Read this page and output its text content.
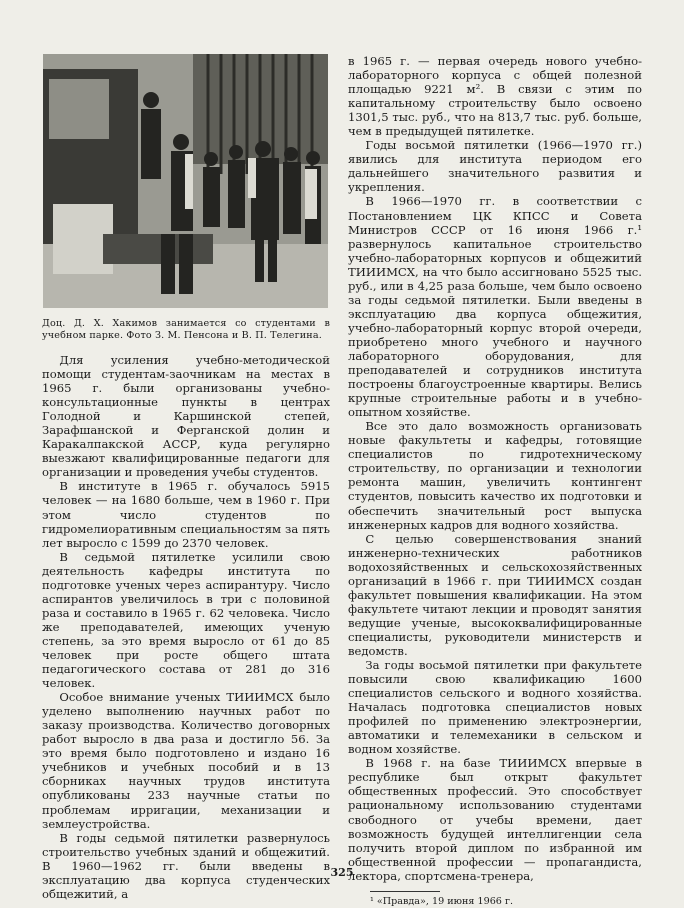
Доц. Д. Х. Хакимов занимается со студентами в учебном парке. Фото З. М. Пенсона и В. П. Телегина.

Для усиления учебно-методической помощи студентам-заочникам на местах в 1965 г. были организованы учебно-консультационные пункты в центрах Голодной и Каршинской степей, Зарафшанской и Ферганской долин и Каракалпакской АССР, куда регулярно выезжают квалифицированные педагоги для организации и проведения учебы студентов.

В институте в 1965 г. обучалось 5915 человек — на 1680 больше, чем в 1960 г. При этом число студентов по гидромелиоративным специальностям за пять лет выросло с 1599 до 2370 человек.

В седьмой пятилетке усилили свою деятельность кафедры института по подготовке ученых через аспирантуру. Число аспирантов увеличилось в три с половиной раза и составило в 1965 г. 62 человека. Число же преподавателей, имеющих ученую степень, за это время выросло от 61 до 85 человек при росте общего штата педагогического состава от 281 до 316 человек.

Особое внимание ученых ТИИИМСХ было уделено выполнению научных работ по заказу производства. Количество договорных работ выросло в два раза и достигло 56. За это время было подготовлено и издано 16 учебников и учебных пособий и в 13 сборниках научных трудов института опубликованы 233 научные статьи по проблемам ирригации, механизации и землеустройства.

В годы седьмой пятилетки развернулось строительство учебных зданий и общежитий. В 1960—1962 гг. были введены в эксплуатацию два корпуса студенческих общежитий, а

в 1965 г. — первая очередь нового учебно-лабораторного корпуса с общей полезной площадью 9221 м². В связи с этим по капитальному строительству было освоено 1301,5 тыс. руб., что на 813,7 тыс. руб. больше, чем в предыдущей пятилетке.

Годы восьмой пятилетки (1966—1970 гг.) явились для института периодом его дальнейшего значительного развития и укрепления.

В 1966—1970 гг. в соответствии с Постановлением ЦК КПСС и Совета Министров СССР от 16 июня 1966 г.¹ развернулось капитальное строительство учебно-лабораторных корпусов и общежитий ТИИИМСХ, на что было ассигновано 5525 тыс. руб., или в 4,25 раза больше, чем было освоено за годы седьмой пятилетки. Были введены в эксплуатацию два корпуса общежития, учебно-лабораторный корпус второй очереди, приобретено много учебного и научного лабораторного оборудования, для преподавателей и сотрудников института построены благоустроенные квартиры. Велись крупные строительные работы и в учебно-опытном хозяйстве.

Все это дало возможность организовать новые факультеты и кафедры, готовящие специалистов по гидротехническому строительству, по организации и технологии ремонта машин, увеличить контингент студентов, повысить качество их подготовки и обеспечить значительный рост выпуска инженерных кадров для водного хозяйства.

С целью совершенствования знаний инженерно-технических работников водохозяйственных и сельскохозяйственных организаций в 1966 г. при ТИИИМСХ создан факультет повышения квалификации. На этом факультете читают лекции и проводят занятия ведущие ученые, высококвалифицированные специалисты, руководители министерств и ведомств.

За годы восьмой пятилетки при факультете повысили свою квалификацию 1600 специалистов сельского и водного хозяйства. Началась подготовка специалистов новых профилей по применению электроэнергии, автоматики и телемеханики в сельском и водном хозяйстве.

В 1968 г. на базе ТИИИМСХ впервые в республике был открыт факультет общественных профессий. Это способствует рациональному использованию студентами свободного от учебы времени, дает возможность будущей интеллигенции села получить второй диплом по избранной им общественной профессии — пропагандиста, лектора, спортсмена-тренера,

¹ «Правда», 19 июня 1966 г.
325
